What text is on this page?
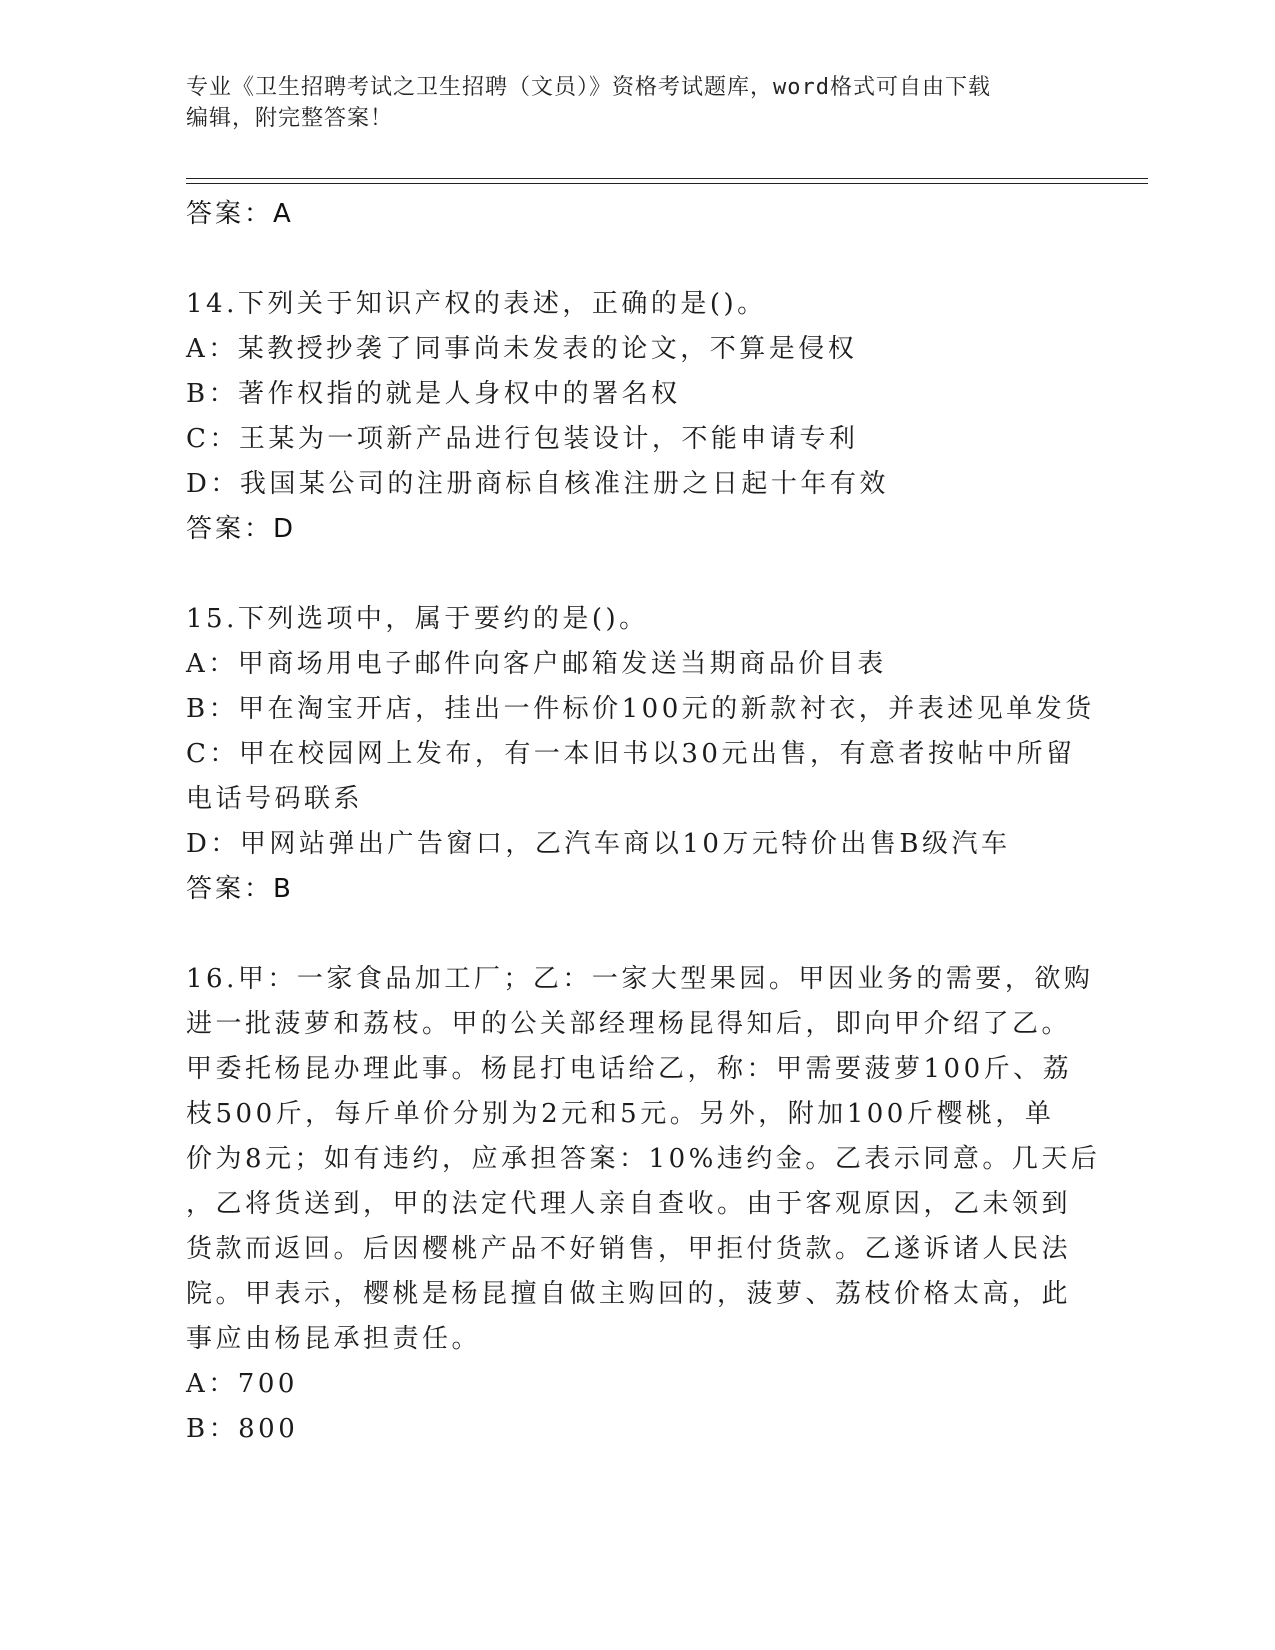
专业《卫生招聘考试之卫生招聘（文员）》资格考试题库，word格式可自由下载

编辑，附完整答案！

答案：A

14.下列关于知识产权的表述，正确的是()。

A：某教授抄袭了同事尚未发表的论文，不算是侵权

B：著作权指的就是人身权中的署名权

C：王某为一项新产品进行包装设计，不能申请专利

D：我国某公司的注册商标自核准注册之日起十年有效

答案：D

15.下列选项中，属于要约的是()。

A：甲商场用电子邮件向客户邮箱发送当期商品价目表

B：甲在淘宝开店，挂出一件标价100元的新款衬衣，并表述见单发货

C：甲在校园网上发布，有一本旧书以30元出售，有意者按帖中所留

电话号码联系

D：甲网站弹出广告窗口，乙汽车商以10万元特价出售B级汽车

答案：B

16.甲：一家食品加工厂；乙：一家大型果园。甲因业务的需要，欲购

进一批菠萝和荔枝。甲的公关部经理杨昆得知后，即向甲介绍了乙。

甲委托杨昆办理此事。杨昆打电话给乙，称：甲需要菠萝100斤、荔

枝500斤，每斤单价分别为2元和5元。另外，附加100斤樱桃，单

价为8元；如有违约，应承担答案：10%违约金。乙表示同意。几天后

，乙将货送到，甲的法定代理人亲自查收。由于客观原因，乙未领到

货款而返回。后因樱桃产品不好销售，甲拒付货款。乙遂诉诸人民法

院。甲表示，樱桃是杨昆擅自做主购回的，菠萝、荔枝价格太高，此

事应由杨昆承担责任。

A：700

B：800
